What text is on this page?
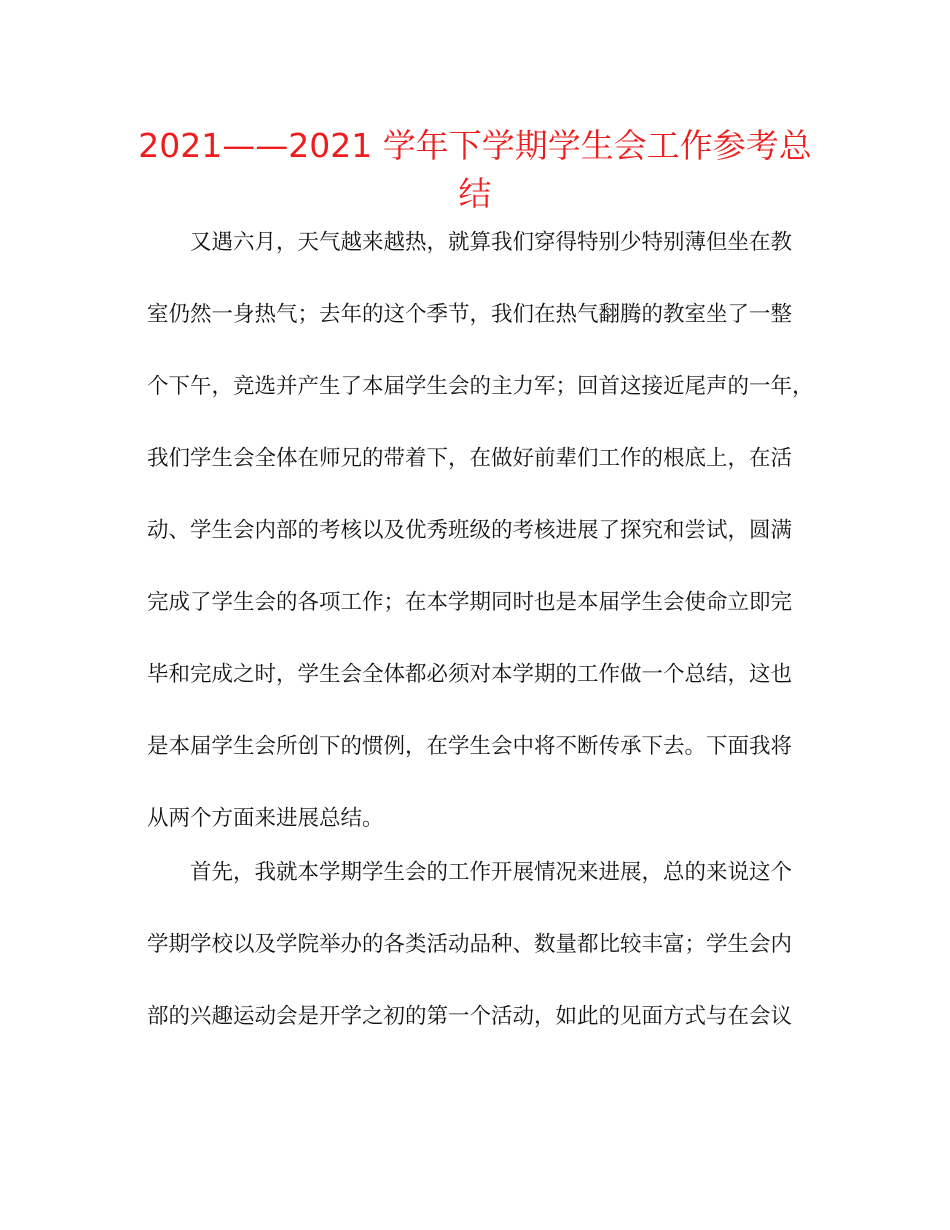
2021——2021 学年下学期学生会工作参考总
结
又遇六月，天气越来越热，就算我们穿得特别少特别薄但坐在教
室仍然一身热气；去年的这个季节，我们在热气翻腾的教室坐了一整
个下午，竞选并产生了本届学生会的主力军；回首这接近尾声的一年，
我们学生会全体在师兄的带着下，在做好前辈们工作的根底上，在活
动、学生会内部的考核以及优秀班级的考核进展了探究和尝试，圆满
完成了学生会的各项工作；在本学期同时也是本届学生会使命立即完
毕和完成之时，学生会全体都必须对本学期的工作做一个总结，这也
是本届学生会所创下的惯例，在学生会中将不断传承下去。下面我将
从两个方面来进展总结。
首先，我就本学期学生会的工作开展情况来进展，总的来说这个
学期学校以及学院举办的各类活动品种、数量都比较丰富；学生会内
部的兴趣运动会是开学之初的第一个活动，如此的见面方式与在会议
